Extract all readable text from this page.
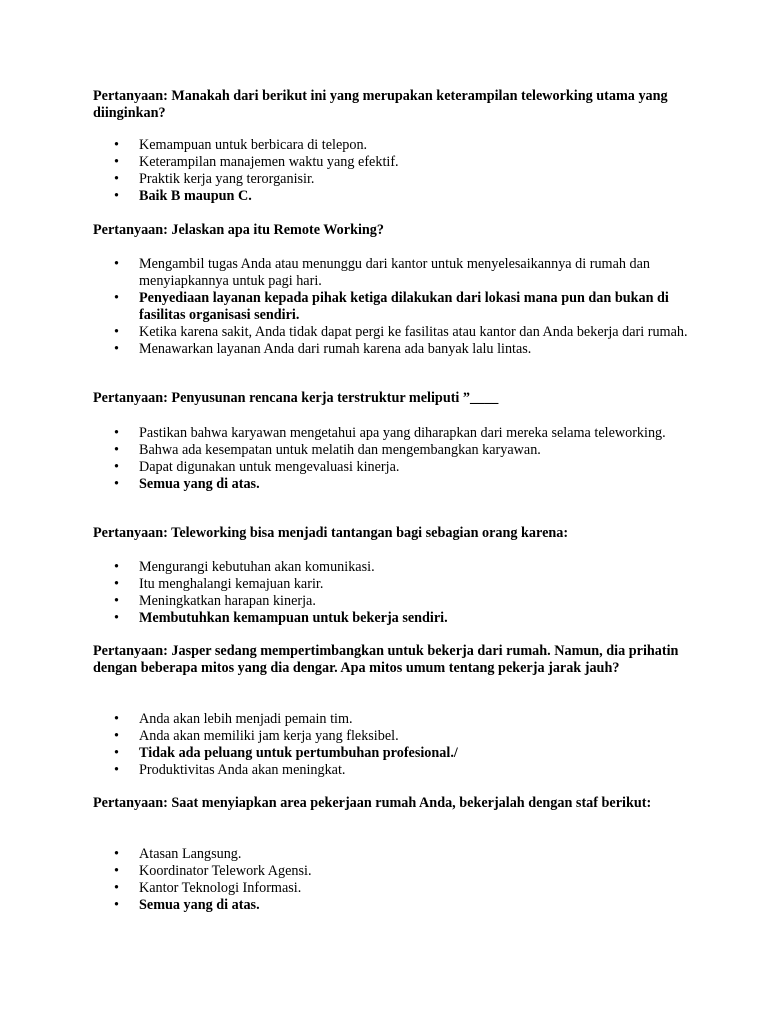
Pertanyaan: Manakah dari berikut ini yang merupakan keterampilan teleworking utama yang diinginkan?

• Kemampuan untuk berbicara di telepon.
• Keterampilan manajemen waktu yang efektif.
• Praktik kerja yang terorganisir.
• Baik B maupun C.

Pertanyaan: Jelaskan apa itu Remote Working?

• Mengambil tugas Anda atau menunggu dari kantor untuk menyelesaikannya di rumah dan menyiapkannya untuk pagi hari.
• Penyediaan layanan kepada pihak ketiga dilakukan dari lokasi mana pun dan bukan di fasilitas organisasi sendiri.
• Ketika karena sakit, Anda tidak dapat pergi ke fasilitas atau kantor dan Anda bekerja dari rumah.
• Menawarkan layanan Anda dari rumah karena ada banyak lalu lintas.

Pertanyaan: Penyusunan rencana kerja terstruktur meliputi ”____

• Pastikan bahwa karyawan mengetahui apa yang diharapkan dari mereka selama teleworking.
• Bahwa ada kesempatan untuk melatih dan mengembangkan karyawan.
• Dapat digunakan untuk mengevaluasi kinerja.
• Semua yang di atas.

Pertanyaan: Teleworking bisa menjadi tantangan bagi sebagian orang karena:

• Mengurangi kebutuhan akan komunikasi.
• Itu menghalangi kemajuan karir.
• Meningkatkan harapan kinerja.
• Membutuhkan kemampuan untuk bekerja sendiri.

Pertanyaan: Jasper sedang mempertimbangkan untuk bekerja dari rumah. Namun, dia prihatin dengan beberapa mitos yang dia dengar. Apa mitos umum tentang pekerja jarak jauh?

• Anda akan lebih menjadi pemain tim.
• Anda akan memiliki jam kerja yang fleksibel.
• Tidak ada peluang untuk pertumbuhan profesional./
• Produktivitas Anda akan meningkat.

Pertanyaan: Saat menyiapkan area pekerjaan rumah Anda, bekerjalah dengan staf berikut:

• Atasan Langsung.
• Koordinator Telework Agensi.
• Kantor Teknologi Informasi.
• Semua yang di atas.
